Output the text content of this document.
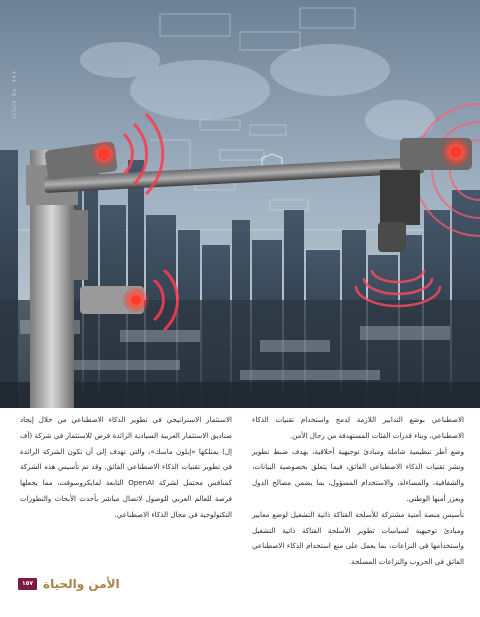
ISSUE No. 444

الاصطناعي بوضع التدابير اللازمة لدمج واستخدام تقنيات الذكاء الاصطناعي، وبناء قدرات الفئات المستهدفة من رجال الأمن.

وضع أطر تنظيمية شاملة ومبادئ توجيهية أخلاقية، بهدف ضبط تطوير ونشر تقنيات الذكاء الاصطناعي الفائق، فيما يتعلق بخصوصية البيانات، والشفافية، والمساءلة، والاستخدام المسؤول، بما يضمن مصالح الدول ويعزز أمنها الوطني.

تأسيس منصة أمنية مشتركة للأسلحة الفتاكة ذاتية التشغيل لوضع معايير ومبادئ توجيهية لسياسات تطوير الأسلحة الفتاكة ذاتية التشغيل واستخدامها في النزاعات، بما يعمل على منع استخدام الذكاء الاصطناعي الفائق في الحروب والنزاعات المسلحة.

الاستثمار الاستراتيجي في تطوير الذكاء الاصطناعي من خلال إيجاد صناديق الاستثمار العربية السيادية الرائدة فرص للاستثمار في شركة (أف إل) يمتلكها «إيلون ماسك»، والتي تهدف إلى أن تكون الشركة الرائدة في تطوير تقنيات الذكاء الاصطناعي الفائق. وقد تم تأسيس هذه الشركة كمنافس محتمل لشركة OpenAI التابعة لمايكروسوفت، مما يجعلها فرصة للعالم العربي للوصول لاتصال مباشر بأحدث الأبحاث والتطورات التكنولوجية في مجال الذكاء الاصطناعي.

١٥٧ الأمن والحياة
